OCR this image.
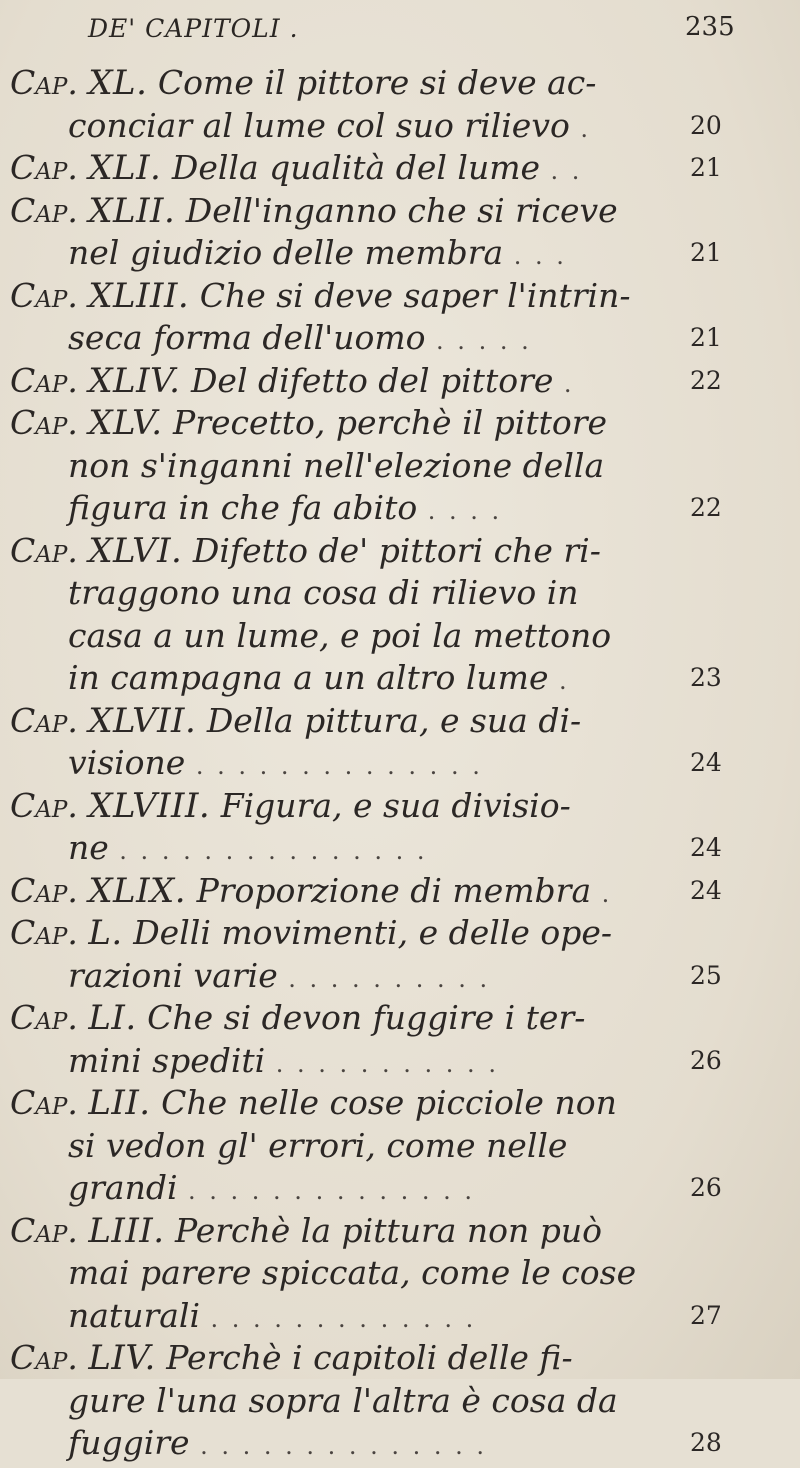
DE' CAPITOLI .	235
Cap. XL. Come il pittore si deve ac-
conciar al lume col suo rilievo .	20
Cap. XLI. Della qualità del lume . .	21
Cap. XLII. Dell'inganno che si riceve
nel giudizio delle membra . . .	21
Cap. XLIII. Che si deve saper l'intrin-
seca forma dell'uomo . . . . .	21
Cap. XLIV. Del difetto del pittore .	22
Cap. XLV. Precetto, perchè il pittore
non s'inganni nell'elezione della
figura in che fa abito . . . .	22
Cap. XLVI. Difetto de' pittori che ri-
traggono una cosa di rilievo in
casa a un lume, e poi la mettono
in campagna a un altro lume .	23
Cap. XLVII. Della pittura, e sua di-
visione . . . . . . . . . . . . . .	24
Cap. XLVIII. Figura, e sua divisio-
ne . . . . . . . . . . . . . . .	24
Cap. XLIX. Proporzione di membra .	24
Cap. L. Delli movimenti, e delle ope-
razioni varie . . . . . . . . . .	25
Cap. LI. Che si devon fuggire i ter-
mini spediti . . . . . . . . . . .	26
Cap. LII. Che nelle cose picciole non
si vedon gl' errori, come nelle
grandi . . . . . . . . . . . . . .	26
Cap. LIII. Perchè la pittura non può
mai parere spiccata, come le cose
naturali . . . . . . . . . . . . .	27
Cap. LIV. Perchè i capitoli delle fi-
gure l'una sopra l'altra è cosa da
fuggire . . . . . . . . . . . . . .	28
